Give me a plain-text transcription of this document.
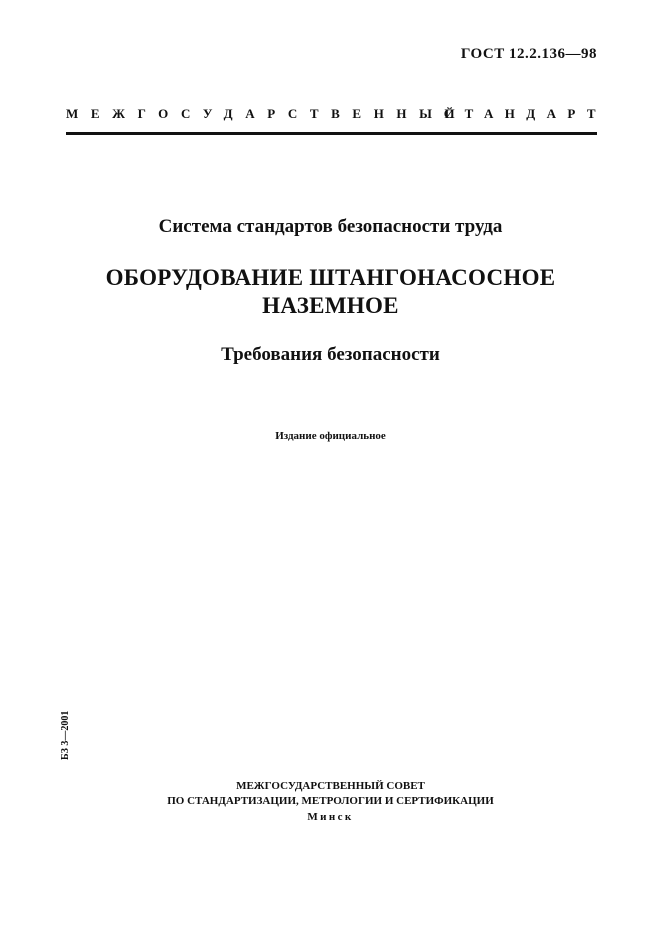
ГОСТ 12.2.136—98
МЕЖГОСУДАРСТВЕННЫЙ
СТАНДАРТ
Система стандартов безопасности труда
ОБОРУДОВАНИЕ ШТАНГОНАСОСНОЕ
НАЗЕМНОЕ
Требования безопасности
Издание официальное
БЗ 3—2001
МЕЖГОСУДАРСТВЕННЫЙ СОВЕТ
ПО СТАНДАРТИЗАЦИИ, МЕТРОЛОГИИ И СЕРТИФИКАЦИИ
Минск
